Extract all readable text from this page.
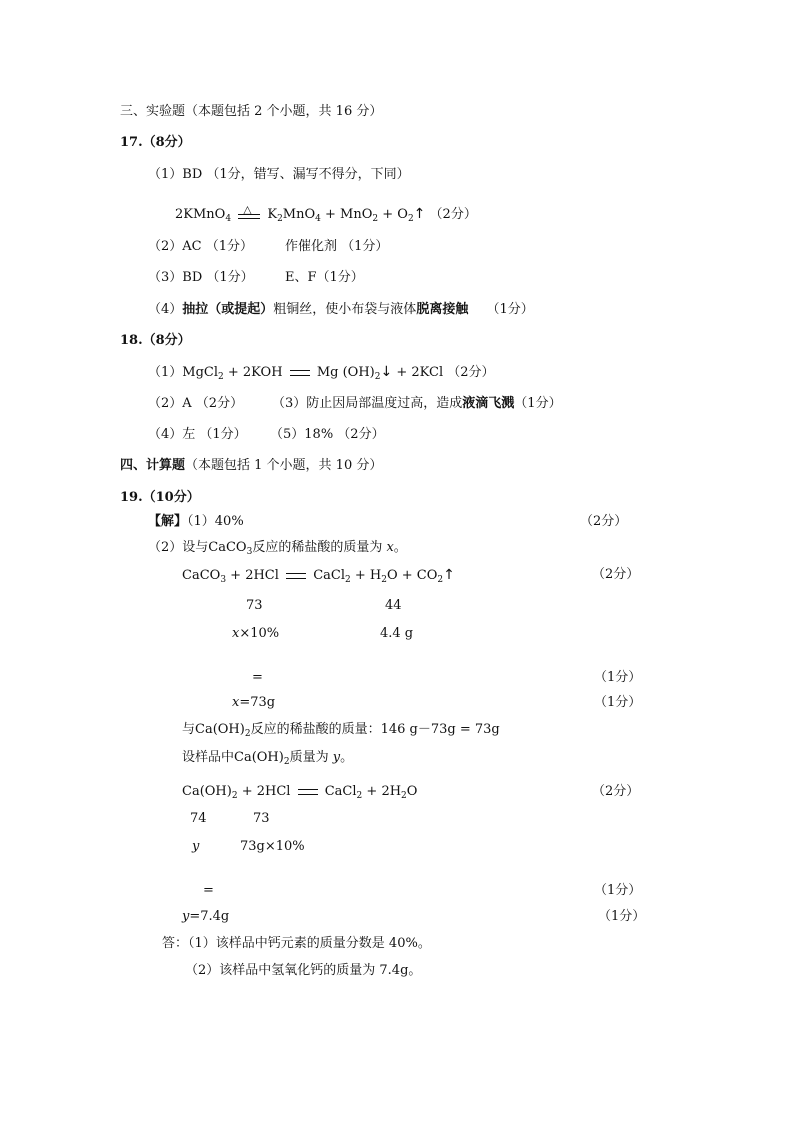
三、实验题（本题包括 2 个小题，共 16 分）
17.（8分）
（1）BD （1分，错写、漏写不得分，下同）
2KMnO$_4$
△ $K_2MnO_4 + MnO_2$ + $O_2↑$ （2分）
（2）AC （1分） 作催化剂 （1分）
（3）BD （1分） E、F（1分）
（4）抽拉（或提起）粗铜丝，使小布袋与液体脱离接触 （1分）
18.（8分）
（1）MgCl$_2$ + 2KOH	Mg $(OH)_2↓ + 2KCl$ （2分）
（2）A （2分） （3）防止因局部温度过高，造成液滴飞溅（1分）
（4）左 （1分） （5）18% （2分）
四、计算题（本题包括 1 个小题，共 10 分）
19.（10分）
【解】（1）40%	（2分）
（2）设与CaCO$_3$反应的稀盐酸的质量为 x。
CaCO$_3$ + 2HCl	CaCl$_2$ + $H_2O$ + $CO_2↑$	（2分）
73	44
x×10%	4.4 g
=	（1分）
x=73g	（1分）
与$Ca(OH)_2$反应的稀盐酸的质量：146 g－73g = 73g
设样品中$Ca(OH)_2$质量为 y。
$Ca(OH)_2 + 2HCl$	CaCl$_2$ + $2H_2O$	（2分）
74	73
y	73g×10%
=	（1分）
y=7.4g	（1分）
答：（1）该样品中钙元素的质量分数是 40%。
（2）该样品中氢氧化钙的质量为 7.4g。
